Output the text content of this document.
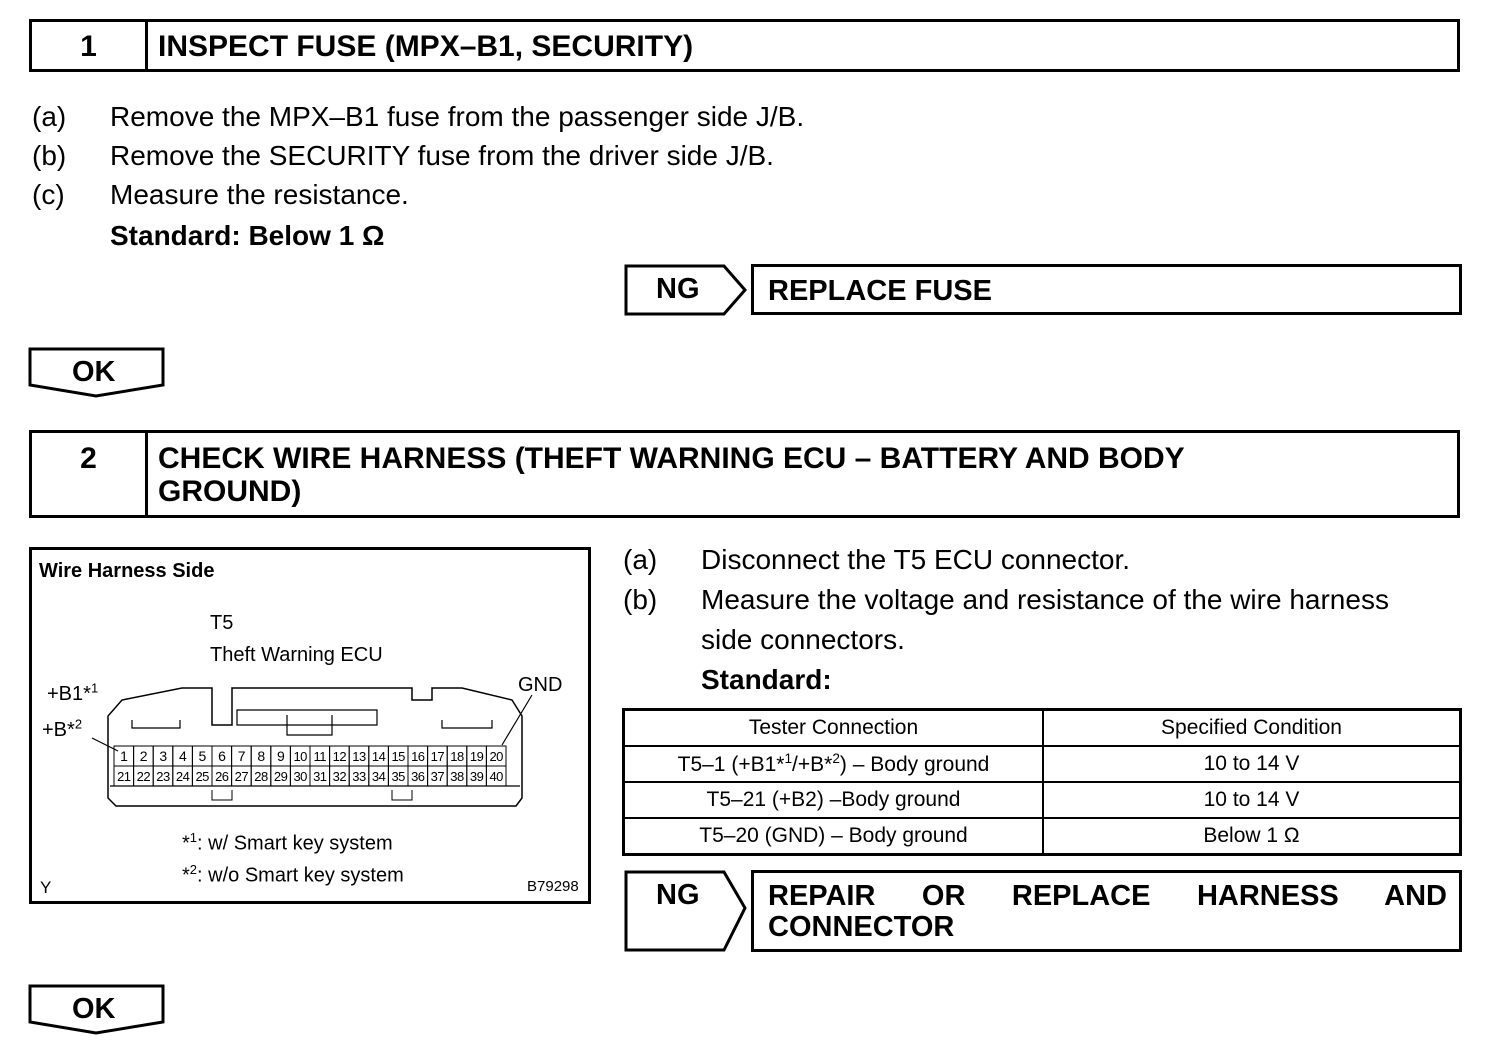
1	INSPECT FUSE (MPX–B1, SECURITY)
(a) Remove the MPX–B1 fuse from the passenger side J/B.
(b) Remove the SECURITY fuse from the driver side J/B.
(c) Measure the resistance.
Standard: Below 1 Ω
NG REPLACE FUSE
OK
2	CHECK WIRE HARNESS (THEFT WARNING ECU – BATTERY AND BODY
GROUND)
Wire Harness Side
T5
Theft Warning ECU
+B1*$^1$
+B*$^2$
GND
1 2 3 4 5 6 7 8 9 10 11 12 13 14 15 16 17 18 19 20
21 22 23 24 25 26 27 28 29 30 31 32 33 34 35 36 37 38 39 40
*$^1$: w/ Smart key system
*$^2$: w/o Smart key system
Y	B79298
(a) Disconnect the T5 ECU connector.
(b) Measure the voltage and resistance of the wire harness
side connectors.
Standard:
Tester Connection	Specified Condition
T5–1 (+B1*$^1$/+B*$^2$) – Body ground	10 to 14 V
T5–21 (+B2) –Body ground	10 to 14 V
T5–20 (GND) – Body ground	Below 1 Ω
NG REPAIR OR REPLACE HARNESS AND
CONNECTOR
OK
